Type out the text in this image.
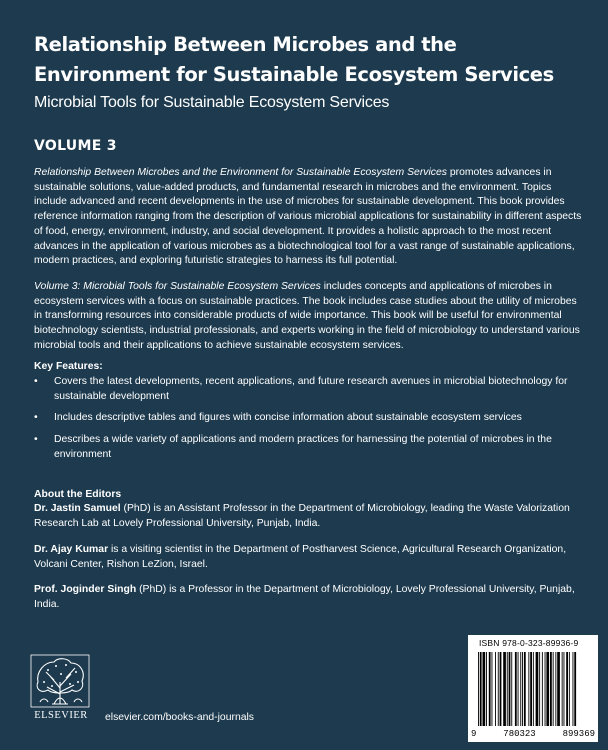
Relationship Between Microbes and the Environment for Sustainable Ecosystem Services
Microbial Tools for Sustainable Ecosystem Services
VOLUME 3

Relationship Between Microbes and the Environment for Sustainable Ecosystem Services promotes advances in sustainable solutions, value-added products, and fundamental research in microbes and the environment. Topics include advanced and recent developments in the use of microbes for sustainable development. This book provides reference information ranging from the description of various microbial applications for sustainability in different aspects of food, energy, environment, industry, and social development. It provides a holistic approach to the most recent advances in the application of various microbes as a biotechnological tool for a vast range of sustainable applications, modern practices, and exploring futuristic strategies to harness its full potential.

Volume 3: Microbial Tools for Sustainable Ecosystem Services includes concepts and applications of microbes in ecosystem services with a focus on sustainable practices. The book includes case studies about the utility of microbes in transforming resources into considerable products of wide importance. This book will be useful for environmental biotechnology scientists, industrial professionals, and experts working in the field of microbiology to understand various microbial tools and their applications to achieve sustainable ecosystem services.

Key Features:
• Covers the latest developments, recent applications, and future research avenues in microbial biotechnology for sustainable development
• Includes descriptive tables and figures with concise information about sustainable ecosystem services
• Describes a wide variety of applications and modern practices for harnessing the potential of microbes in the environment
About the Editors

Dr. Jastin Samuel (PhD) is an Assistant Professor in the Department of Microbiology, leading the Waste Valorization Research Lab at Lovely Professional University, Punjab, India.

Dr. Ajay Kumar is a visiting scientist in the Department of Postharvest Science, Agricultural Research Organization, Volcani Center, Rishon LeZion, Israel.

Prof. Joginder Singh (PhD) is a Professor in the Department of Microbiology, Lovely Professional University, Punjab, India.

ELSEVIER	elsevier.com/books-and-journals
ISBN 978-0-323-89936-9
9	780323	899369
